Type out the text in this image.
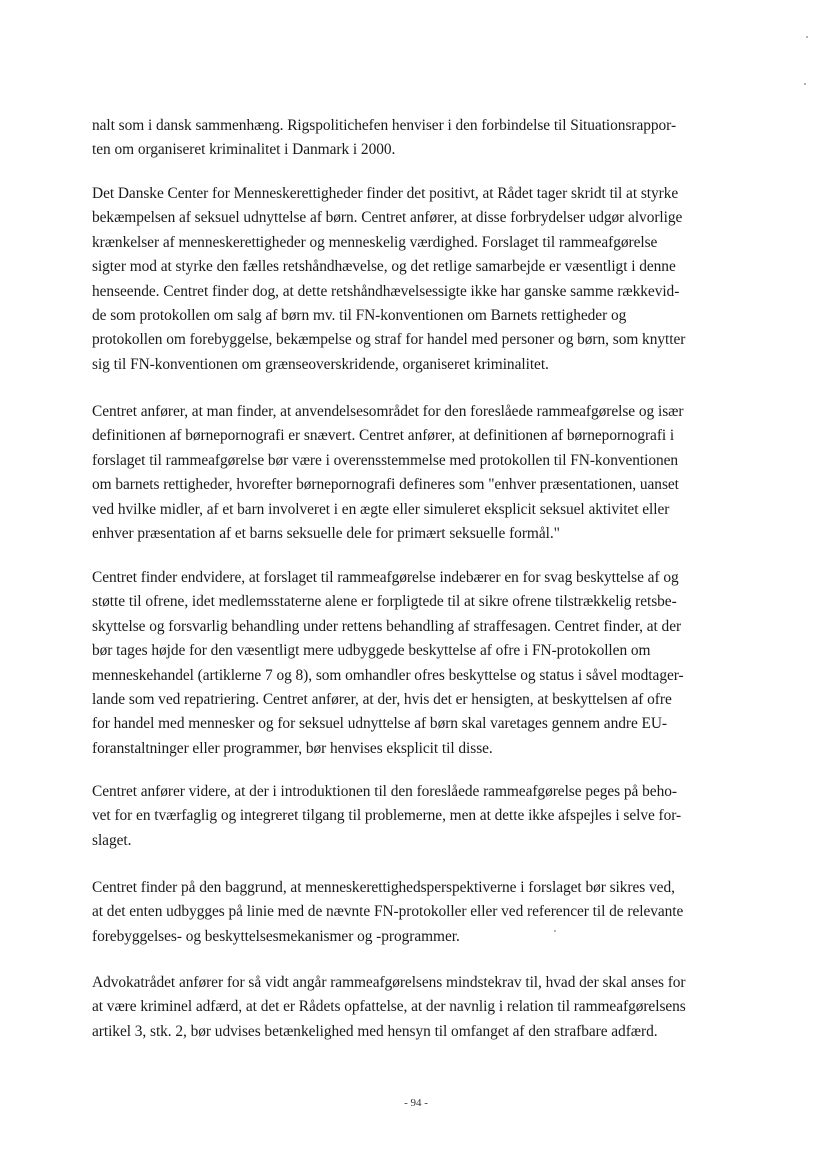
nalt som i dansk sammenhæng. Rigspolitichefen henviser i den forbindelse til Situationsrappor-
ten om organiseret kriminalitet i Danmark i 2000.
Det Danske Center for Menneskerettigheder finder det positivt, at Rådet tager skridt til at styrke
bekæmpelsen af seksuel udnyttelse af børn. Centret anfører, at disse forbrydelser udgør alvorlige
krænkelser af menneskerettigheder og menneskelig værdighed. Forslaget til rammeafgørelse
sigter mod at styrke den fælles retshåndhævelse, og det retlige samarbejde er væsentligt i denne
henseende. Centret finder dog, at dette retshåndhævelsessigte ikke har ganske samme rækkevid-
de som protokollen om salg af børn mv. til FN-konventionen om Barnets rettigheder og
protokollen om forebyggelse, bekæmpelse og straf for handel med personer og børn, som knytter
sig til FN-konventionen om grænseoverskridende, organiseret kriminalitet.
Centret anfører, at man finder, at anvendelsesområdet for den foreslåede rammeafgørelse og især
definitionen af børnepornografi er snævert. Centret anfører, at definitionen af børnepornografi i
forslaget til rammeafgørelse bør være i overensstemmelse med protokollen til FN-konventionen
om barnets rettigheder, hvorefter børnepornografi defineres som "enhver præsentationen, uanset
ved hvilke midler, af et barn involveret i en ægte eller simuleret eksplicit seksuel aktivitet eller
enhver præsentation af et barns seksuelle dele for primært seksuelle formål."
Centret finder endvidere, at forslaget til rammeafgørelse indebærer en for svag beskyttelse af og
støtte til ofrene, idet medlemsstaterne alene er forpligtede til at sikre ofrene tilstrækkelig retsbe-
skyttelse og forsvarlig behandling under rettens behandling af straffesagen. Centret finder, at der
bør tages højde for den væsentligt mere udbyggede beskyttelse af ofre i FN-protokollen om
menneskehandel (artiklerne 7 og 8), som omhandler ofres beskyttelse og status i såvel modtager-
lande som ved repatriering. Centret anfører, at der, hvis det er hensigten, at beskyttelsen af ofre
for handel med mennesker og for seksuel udnyttelse af børn skal varetages gennem andre EU-
foranstaltninger eller programmer, bør henvises eksplicit til disse.
Centret anfører videre, at der i introduktionen til den foreslåede rammeafgørelse peges på beho-
vet for en tværfaglig og integreret tilgang til problemerne, men at dette ikke afspejles i selve for-
slaget.
Centret finder på den baggrund, at menneskerettighedsperspektiverne i forslaget bør sikres ved,
at det enten udbygges på linie med de nævnte FN-protokoller eller ved referencer til de relevante
forebyggelses- og beskyttelsesmekanismer og -programmer.
Advokatrådet anfører for så vidt angår rammeafgørelsens mindstekrav til, hvad der skal anses for
at være kriminel adfærd, at det er Rådets opfattelse, at der navnlig i relation til rammeafgørelsens
artikel 3, stk. 2, bør udvises betænkelighed med hensyn til omfanget af den strafbare adfærd.
- 94 -
